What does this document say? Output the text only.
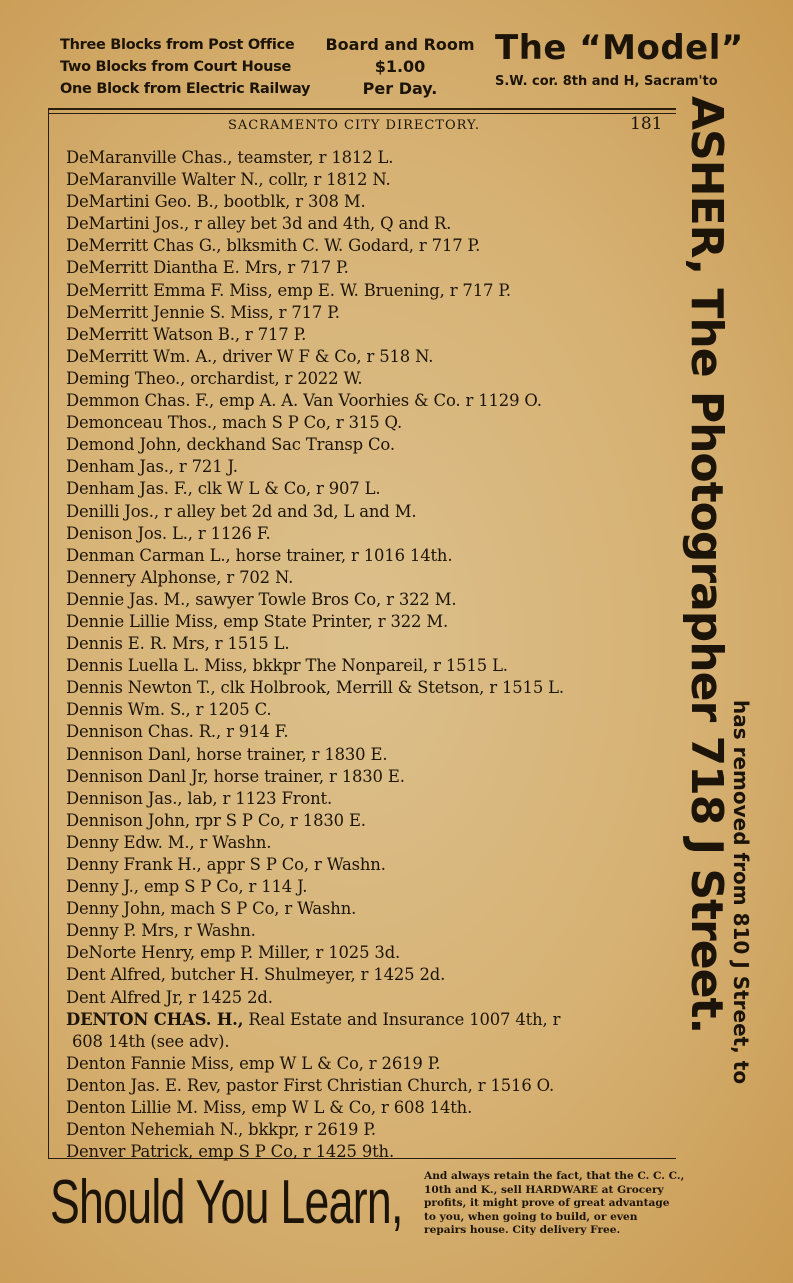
Three Blocks from Post Office
Two Blocks from Court House
One Block from Electric Railway
Board and Room
$1.00
Per Day.
The “Model”
S.W. cor. 8th and H, Sacram'to
SACRAMENTO CITY DIRECTORY.	181
DeMaranville Chas., teamster, r 1812 L.
DeMaranville Walter N., collr, r 1812 N.
DeMartini Geo. B., bootblk, r 308 M.
DeMartini Jos., r alley bet 3d and 4th, Q and R.
DeMerritt Chas G., blksmith C. W. Godard, r 717 P.
DeMerritt Diantha E. Mrs, r 717 P.
DeMerritt Emma F. Miss, emp E. W. Bruening, r 717 P.
DeMerritt Jennie S. Miss, r 717 P.
DeMerritt Watson B., r 717 P.
DeMerritt Wm. A., driver W F & Co, r 518 N.
Deming Theo., orchardist, r 2022 W.
Demmon Chas. F., emp A. A. Van Voorhies & Co. r 1129 O.
Demonceau Thos., mach S P Co, r 315 Q.
Demond John, deckhand Sac Transp Co.
Denham Jas., r 721 J.
Denham Jas. F., clk W L & Co, r 907 L.
Denilli Jos., r alley bet 2d and 3d, L and M.
Denison Jos. L., r 1126 F.
Denman Carman L., horse trainer, r 1016 14th.
Dennery Alphonse, r 702 N.
Dennie Jas. M., sawyer Towle Bros Co, r 322 M.
Dennie Lillie Miss, emp State Printer, r 322 M.
Dennis E. R. Mrs, r 1515 L.
Dennis Luella L. Miss, bkkpr The Nonpareil, r 1515 L.
Dennis Newton T., clk Holbrook, Merrill & Stetson, r 1515 L.
Dennis Wm. S., r 1205 C.
Dennison Chas. R., r 914 F.
Dennison Danl, horse trainer, r 1830 E.
Dennison Danl Jr, horse trainer, r 1830 E.
Dennison Jas., lab, r 1123 Front.
Dennison John, rpr S P Co, r 1830 E.
Denny Edw. M., r Washn.
Denny Frank H., appr S P Co, r Washn.
Denny J., emp S P Co, r 114 J.
Denny John, mach S P Co, r Washn.
Denny P. Mrs, r Washn.
DeNorte Henry, emp P. Miller, r 1025 3d.
Dent Alfred, butcher H. Shulmeyer, r 1425 2d.
Dent Alfred Jr, r 1425 2d.
DENTON CHAS. H., Real Estate and Insurance 1007 4th, r
608 14th (see adv).
Denton Fannie Miss, emp W L & Co, r 2619 P.
Denton Jas. E. Rev, pastor First Christian Church, r 1516 O.
Denton Lillie M. Miss, emp W L & Co, r 608 14th.
Denton Nehemiah N., bkkpr, r 2619 P.
Denver Patrick, emp S P Co, r 1425 9th.
ASHER, The Photographer 718 J Street.
has removed from 810 J Street, to
Should You Learn, And always retain the fact, that the C. C. C.,
10th and K., sell HARDWARE at Grocery
profits, it might prove of great advantage
to you, when going to build, or even
repairs house. City delivery Free.
